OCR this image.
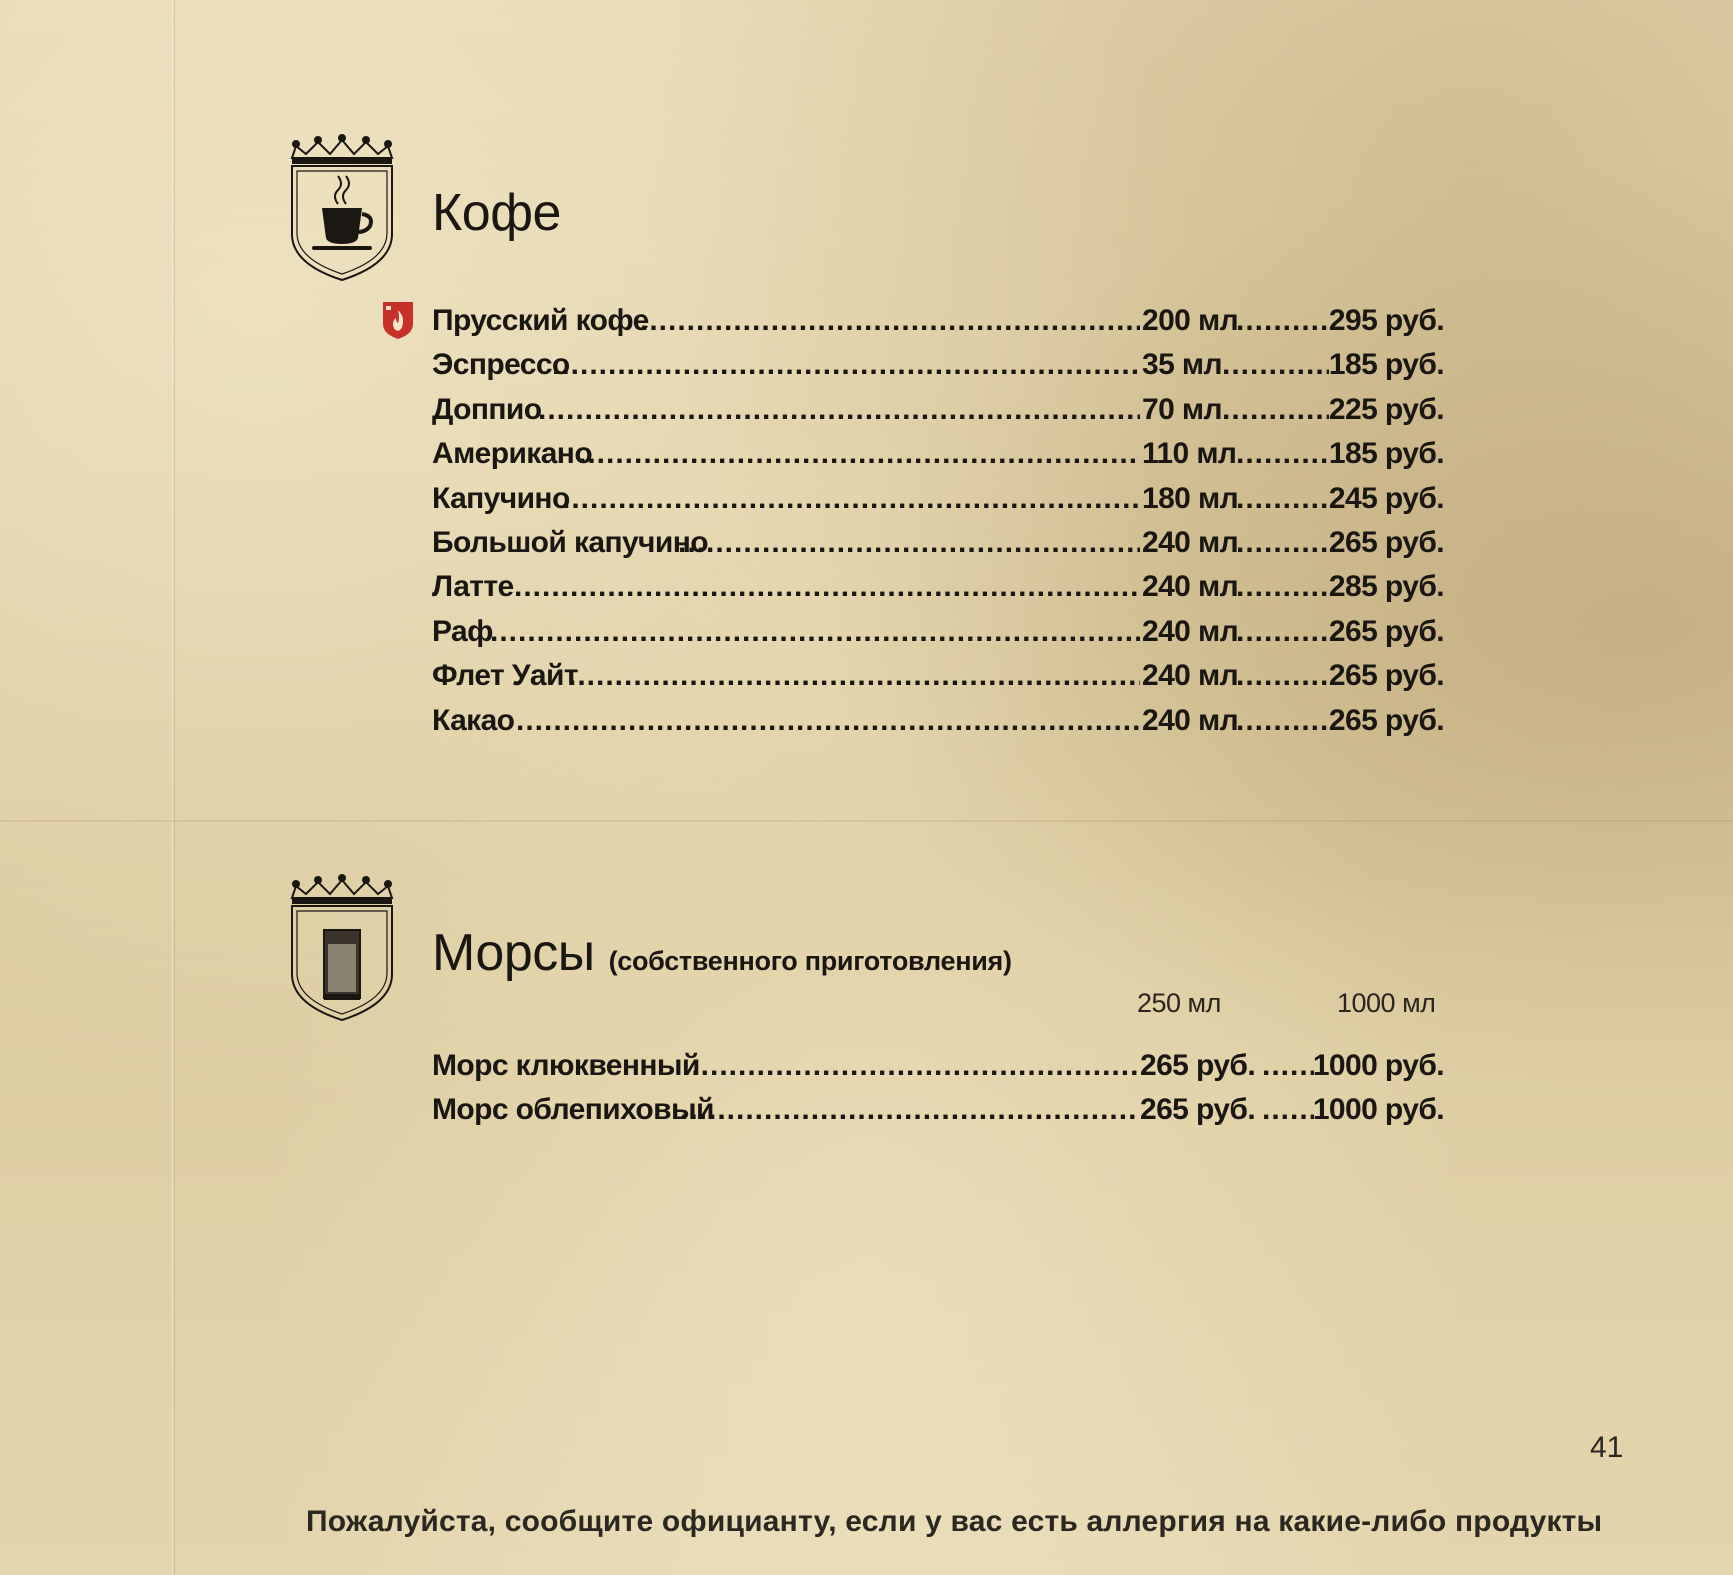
Кофе
Прусский кофе .....	200 мл .....	295 руб.
Эспрессо .....	35 мл .....	185 руб.
Доппио .....	70 мл .....	225 руб.
Американо .....	110 мл .....	185 руб.
Капучино .....	180 мл .....	245 руб.
Большой капучино .....	240 мл .....	265 руб.
Латте .....	240 мл .....	285 руб.
Раф .....	240 мл .....	265 руб.
Флет Уайт .....	240 мл .....	265 руб.
Какао .....	240 мл .....	265 руб.
Морсы (собственного приготовления)
250 мл	1000 мл
Морс клюквенный .....	265 руб. ..... 1000 руб.
Морс облепиховый .....	265 руб. ..... 1000 руб.
41
Пожалуйста, сообщите официанту, если у вас есть аллергия на какие-либо продукты
